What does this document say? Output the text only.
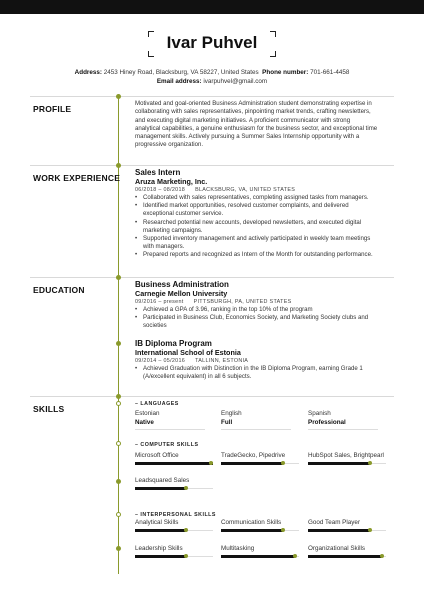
Ivar Puhvel
Address: 2453 Hiney Road, Blacksburg, VA 58227, United States Phone number: 701-661-4458
Email address: ivarpuhvel@gmail.com
PROFILE
Motivated and goal-oriented Business Administration student demonstrating expertise in
collaborating with sales representatives, pinpointing market trends, crafting newsletters,
and executing digital marketing initiatives. A proficient communicator with strong
analytical capabilities, a genuine enthusiasm for the business sector, and exceptional time
management skills. Actively pursuing a Summer Sales Internship opportunity with a
progressive organization.
WORK EXPERIENCE
Sales Intern
Aruza Marketing, Inc.
06/2018 – 08/2018 BLACKSBURG, VA, UNITED STATES
• Collaborated with sales representatives, completing assigned tasks from managers.
• Identified market opportunities, resolved customer complaints, and delivered
exceptional customer service.
• Researched potential new accounts, developed newsletters, and executed digital
marketing campaigns.
• Supported inventory management and actively participated in weekly team meetings
with managers.
• Prepared reports and recognized as Intern of the Month for outstanding performance.
EDUCATION
Business Administration
Carnegie Mellon University
09/2016 – present PITTSBURGH, PA, UNITED STATES
• Achieved a GPA of 3.96, ranking in the top 10% of the program
• Participated in Business Club, Economics Society, and Marketing Society clubs and
societies
IB Diploma Program
International School of Estonia
09/2014 – 05/2016 TALLINN, ESTONIA
• Achieved Graduation with Distinction in the IB Diploma Program, earning Grade 1
(A/excellent equivalent) in all 6 subjects.
SKILLS	– LANGUAGES
Estonian
Native
English
Full
Spanish
Professional
– COMPUTER SKILLS
Microsoft Office	TradeGecko, Pipedrive	HubSpot Sales, Brightpearl
Leadsquared Sales
– INTERPERSONAL SKILLS
Analytical Skills	Communication Skills	Good Team Player
Leadership Skills	Multitasking	Organizational Skills
